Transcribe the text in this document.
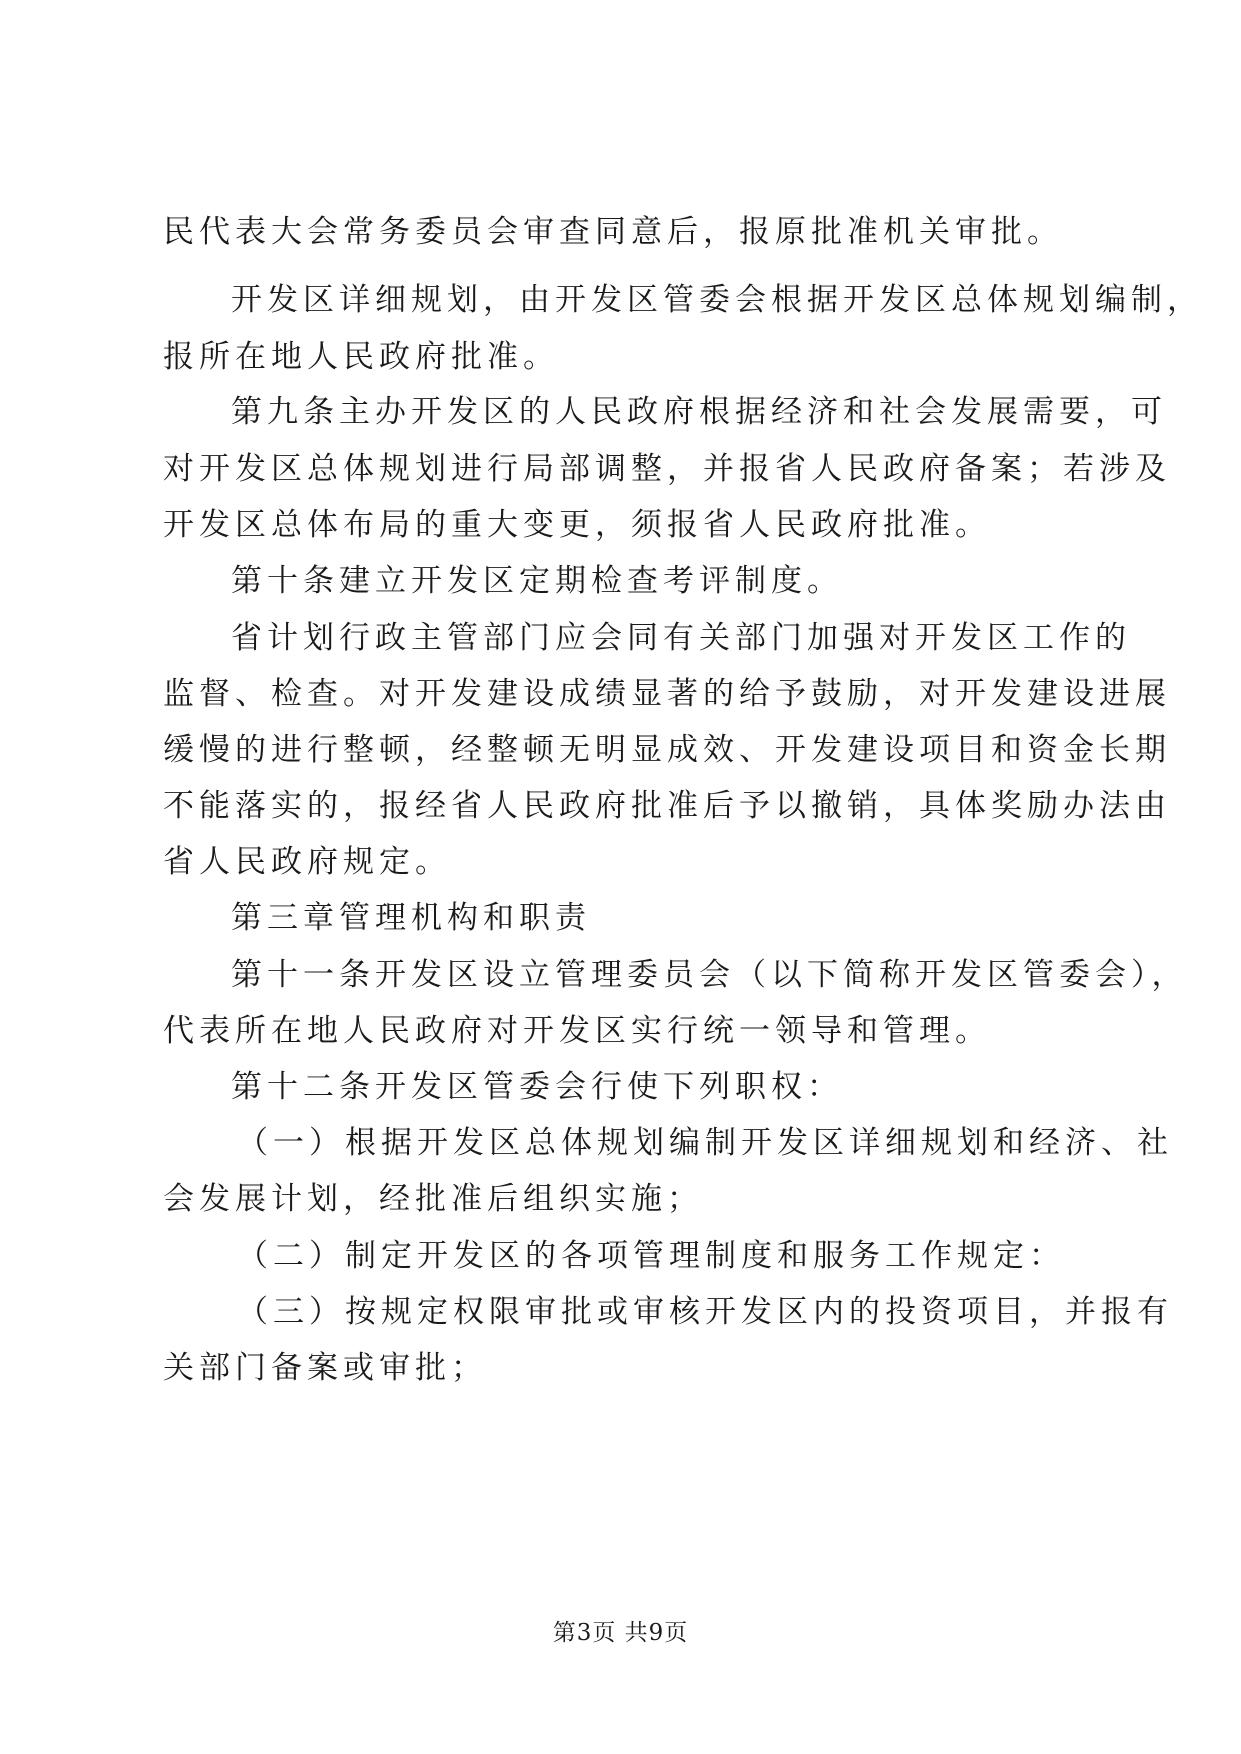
民代表大会常务委员会审查同意后，报原批准机关审批。
开发区详细规划，由开发区管委会根据开发区总体规划编制，
报所在地人民政府批准。
第九条主办开发区的人民政府根据经济和社会发展需要，可
对开发区总体规划进行局部调整，并报省人民政府备案；若涉及
开发区总体布局的重大变更，须报省人民政府批准。
第十条建立开发区定期检查考评制度。
省计划行政主管部门应会同有关部门加强对开发区工作的
监督、检查。对开发建设成绩显著的给予鼓励，对开发建设进展
缓慢的进行整顿，经整顿无明显成效、开发建设项目和资金长期
不能落实的，报经省人民政府批准后予以撤销，具体奖励办法由
省人民政府规定。
第三章管理机构和职责
第十一条开发区设立管理委员会（以下简称开发区管委会），
代表所在地人民政府对开发区实行统一领导和管理。
第十二条开发区管委会行使下列职权：
（一）根据开发区总体规划编制开发区详细规划和经济、社
会发展计划，经批准后组织实施；
（二）制定开发区的各项管理制度和服务工作规定：
（三）按规定权限审批或审核开发区内的投资项目，并报有
关部门备案或审批；
第3页 共9页
